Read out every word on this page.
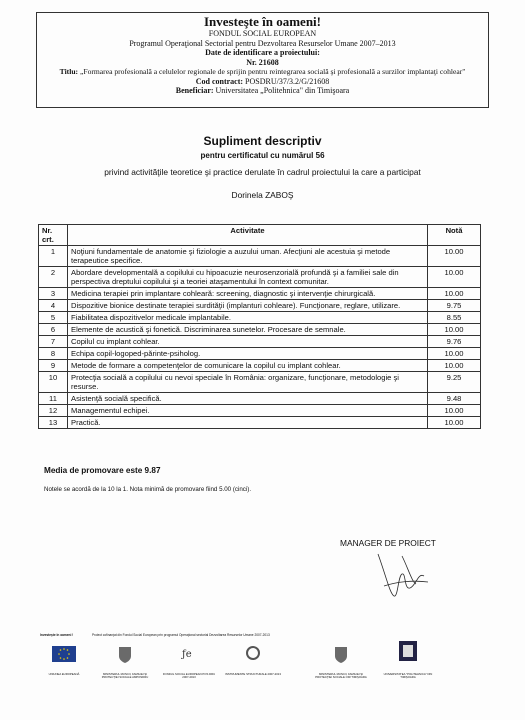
Investeşte în oameni!
FONDUL SOCIAL EUROPEAN
Programul Operaţional Sectorial pentru Dezvoltarea Resurselor Umane 2007–2013
Date de identificare a proiectului:
Nr. 21608
Titlu: „Formarea profesională a celulelor regionale de sprijin pentru reintegrarea socială şi profesională a surzilor implantaţi cohlear"
Cod contract: POSDRU/37/3.2/G/21608
Beneficiar: Universitatea „Politehnica" din Timişoara
Supliment descriptiv
pentru certificatul cu numărul 56
privind activităţile teoretice şi practice derulate în cadrul proiectului la care a participat
Dorinela ZABOŞ
Nr. crt.	Activitate	Notă
1	Noţiuni fundamentale de anatomie şi fiziologie a auzului uman. Afecţiuni ale acestuia şi metode terapeutice specifice.	10.00
2	Abordare developmentală a copilului cu hipoacuzie neurosenzorială profundă şi a familiei sale din perspectiva dreptului copilului şi a teoriei ataşamentului în context comunitar.	10.00
3	Medicina terapiei prin implantare cohleară: screening, diagnostic şi intervenţie chirurgicală.	10.00
4	Dispozitive bionice destinate terapiei surdităţii (implanturi cohleare). Funcţionare, reglare, utilizare.	9.75
5	Fiabilitatea dispozitivelor medicale implantabile.	8.55
6	Elemente de acustică şi fonetică. Discriminarea sunetelor. Procesare de semnale.	10.00
7	Copilul cu implant cohlear.	9.76
8	Echipa copil-logoped-părinte-psiholog.	10.00
9	Metode de formare a competenţelor de comunicare la copilul cu implant cohlear.	10.00
10	Protecţia socială a copilului cu nevoi speciale în România: organizare, funcţionare, metodologie şi resurse.	9.25
11	Asistenţă socială specifică.	9.48
12	Managementul echipei.	10.00
13	Practică.	10.00
Media de promovare este 9.87
Notele se acordă de la 10 la 1. Nota minimă de promovare fiind 5.00 (cinci).
MANAGER DE PROIECT
Investeşte în oameni !	Proiect cofinanţat din Fondul Social European prin programul Operaţional sectorial Dezvoltarea Resurselor Umane 2007-2013
ƒe
UNIUNEA EUROPEANĂ	MINISTERUL MUNCII, FAMILIEI ŞI PROTECŢIEI SOCIALE AMPOSDRU
FONDUL SOCIAL EUROPEAN POS DRU 2007-2013
INSTRUMENTE STRUCTURALE 2007-2013	MINISTERUL MUNCII, FAMILIEI ŞI PROTECŢIEI SOCIALE OIR TIMIŞOARA
UNIVERSITATEA "POLITEHNICA" DIN TIMIŞOARA
